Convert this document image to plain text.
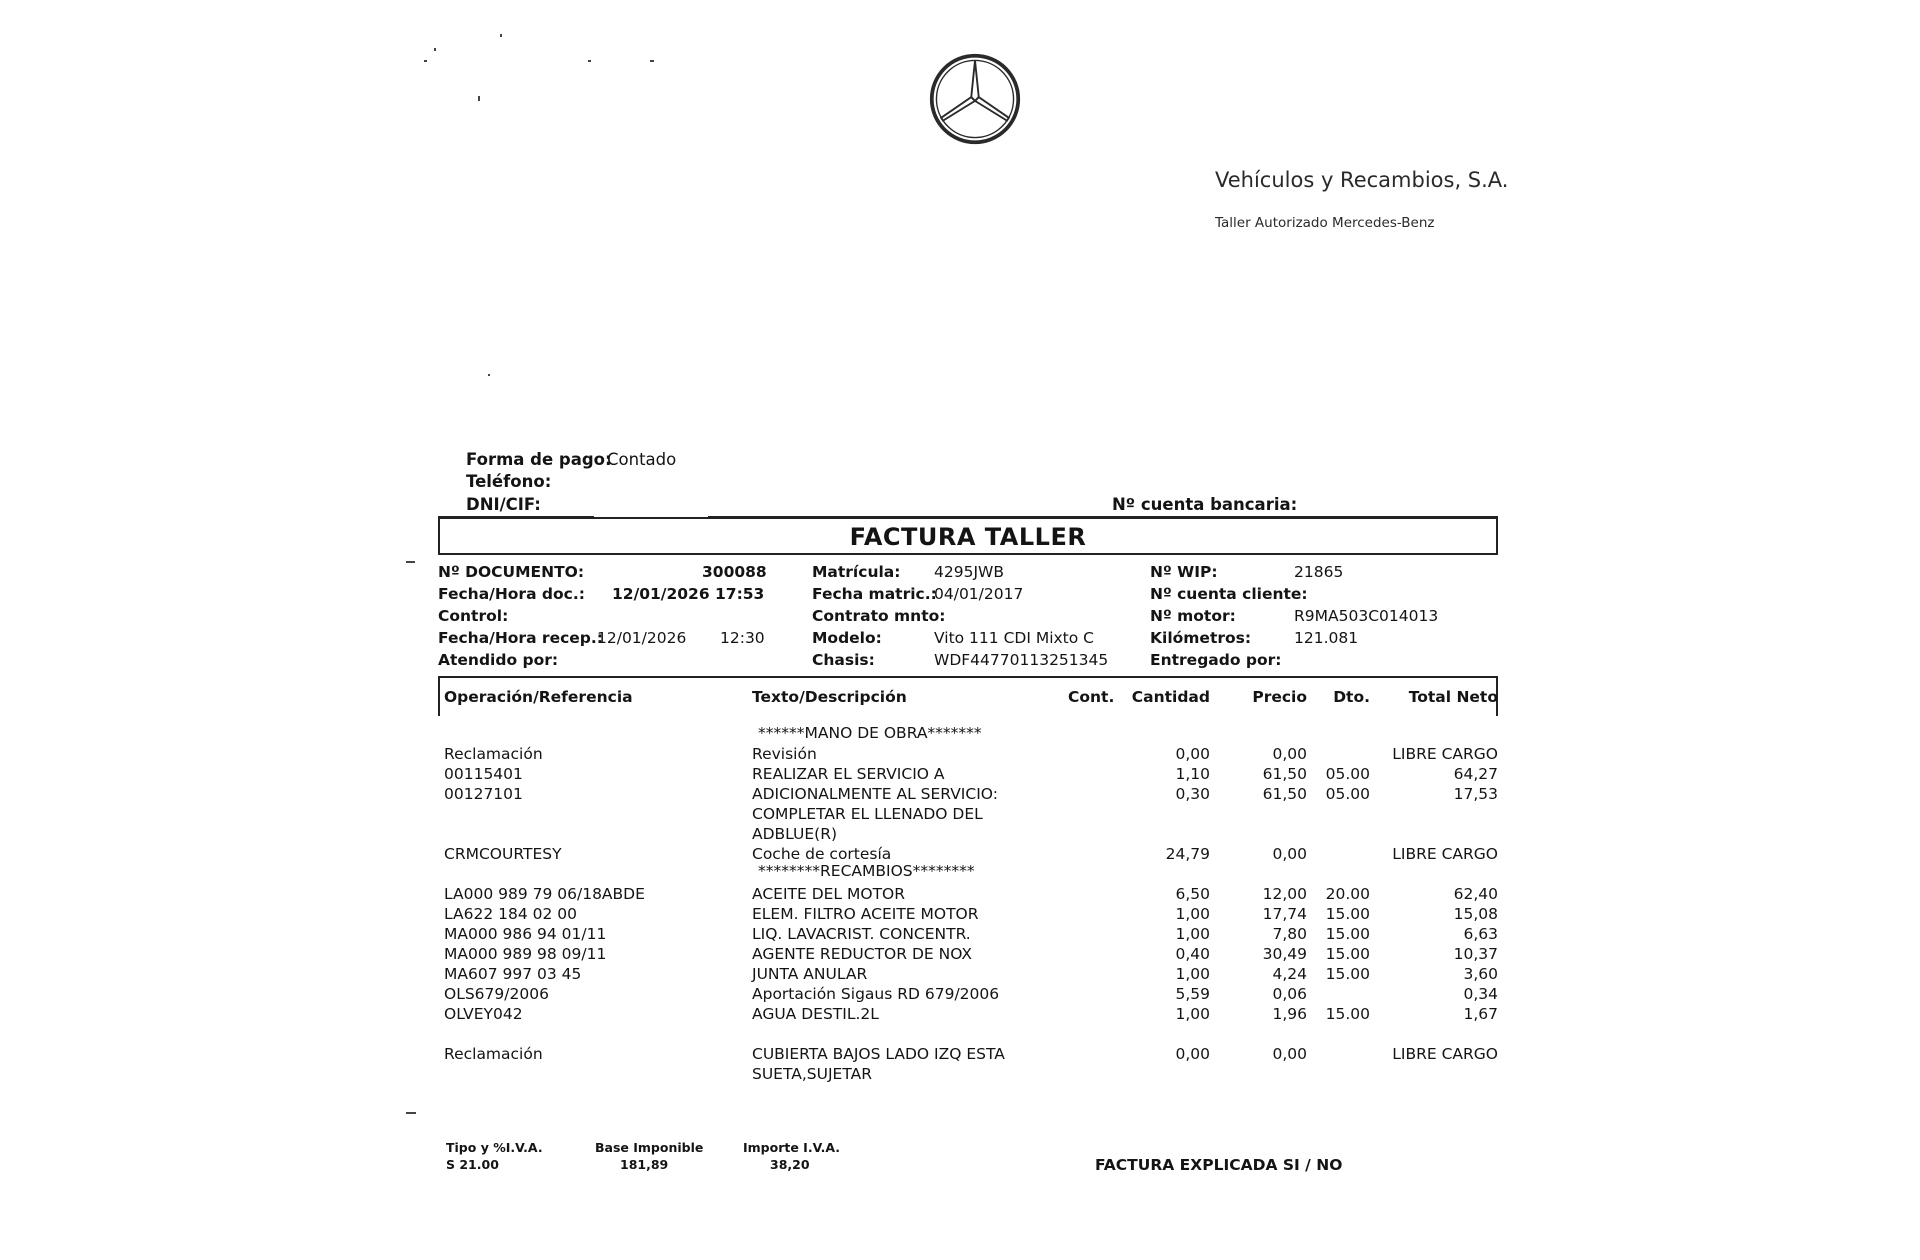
Vehículos y Recambios, S.A.
Taller Autorizado Mercedes-Benz
Forma de pago:
Contado
Teléfono:
DNI/CIF:	Nº cuenta bancaria:
FACTURA TALLER
Nº DOCUMENTO:	300088
Fecha/Hora doc.: 12/01/2026 17:53
Control:
Fecha/Hora recep.:
12/01/2026 12:30
Atendido por:
Matrícula: 4295JWB
Fecha matric.:
04/01/2017
Contrato mnto:
Modelo:	Vito 111 CDI Mixto C
Chasis:	WDF44770113251345
Nº WIP:	21865
Nº cuenta cliente:
Nº motor:	R9MA503C014013
Kilómetros:	121.081
Entregado por:
Operación/Referencia	Texto/Descripción	Cont. Cantidad	Precio Dto. Total Neto
******MANO DE OBRA*******
Reclamación	Revisión	0,00	0,00	LIBRE CARGO
00115401	REALIZAR EL SERVICIO A	1,10	61,50 05.00	64,27
00127101	ADICIONALMENTE AL SERVICIO:	0,30	61,50 05.00	17,53
COMPLETAR EL LLENADO DEL
ADBLUE(R)
CRMCOURTESY	Coche de cortesía	24,79	0,00	LIBRE CARGO
********RECAMBIOS********
LA000 989 79 06/18ABDE	ACEITE DEL MOTOR	6,50	12,00 20.00	62,40
LA622 184 02 00	ELEM. FILTRO ACEITE MOTOR	1,00	17,74 15.00	15,08
MA000 986 94 01/11	LIQ. LAVACRIST. CONCENTR.	1,00	7,80 15.00	6,63
MA000 989 98 09/11	AGENTE REDUCTOR DE NOX	0,40	30,49 15.00	10,37
MA607 997 03 45	JUNTA ANULAR	1,00	4,24 15.00	3,60
OLS679/2006	Aportación Sigaus RD 679/2006	5,59	0,06	0,34
OLVEY042	AGUA DESTIL.2L	1,00	1,96 15.00	1,67
Reclamación	CUBIERTA BAJOS LADO IZQ ESTA	0,00	0,00	LIBRE CARGO
SUETA,SUJETAR
Tipo y %I.V.A.
S 21.00
Base Imponible
181,89
Importe I.V.A.
38,20	FACTURA EXPLICADA SI / NO
